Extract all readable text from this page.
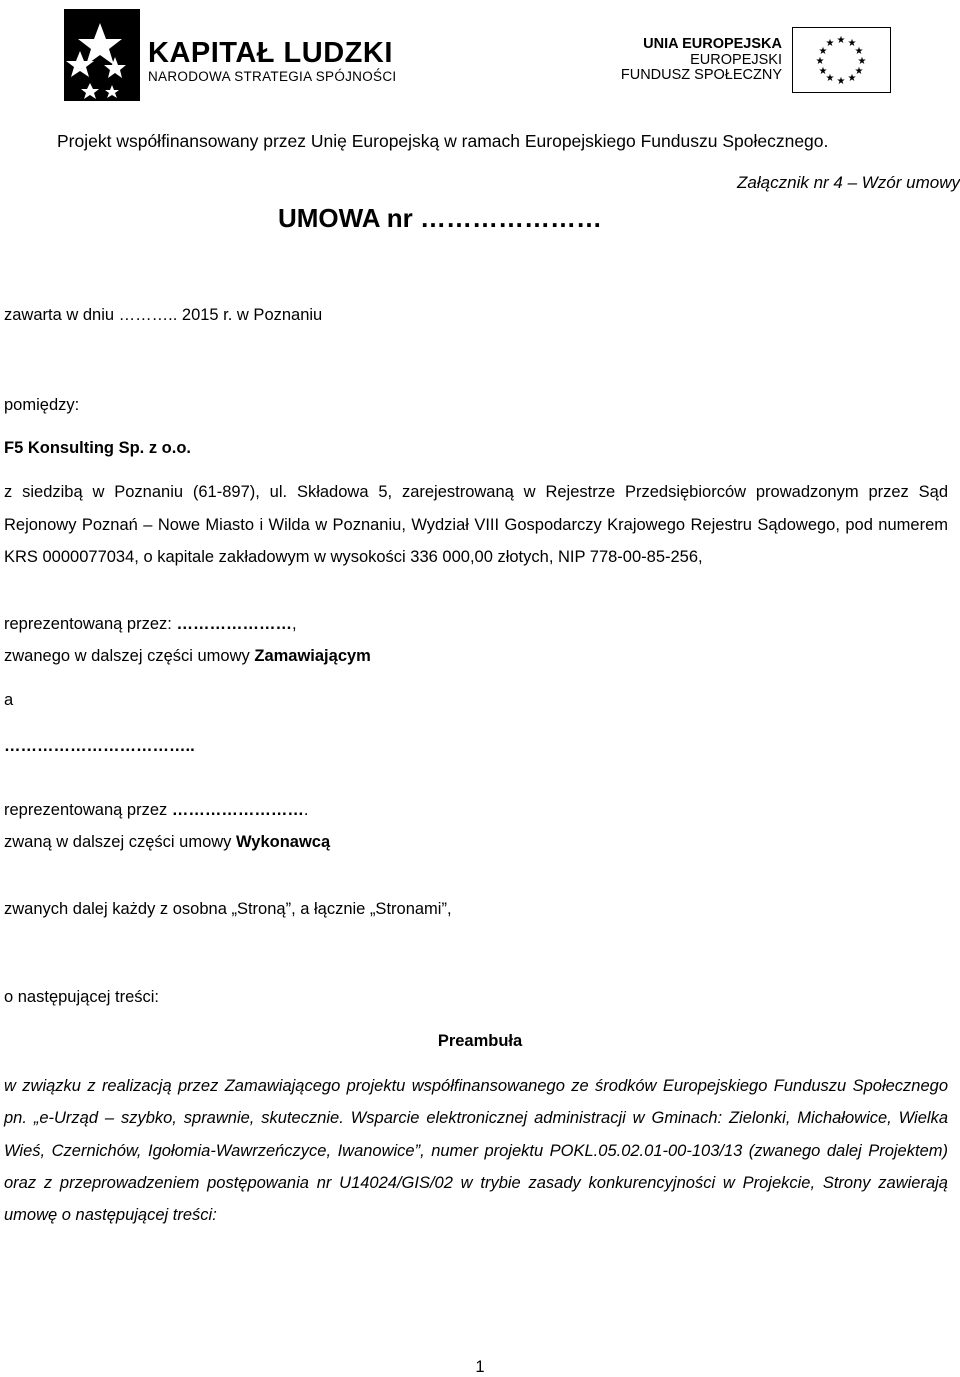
KAPITAŁ LUDZKI
NARODOWA STRATEGIA SPÓJNOŚCI
UNIA EUROPEJSKA
EUROPEJSKI
FUNDUSZ SPOŁECZNY
★ ★
★
★
★
★
★
★
★
★
★
★
Projekt współfinansowany przez Unię Europejską w ramach Europejskiego Funduszu Społecznego.
Załącznik nr 4 – Wzór umowy
UMOWA nr …………………
zawarta w dniu ……….. 2015 r. w Poznaniu
pomiędzy:
F5 Konsulting Sp. z o.o.
z siedzibą w Poznaniu (61-897), ul. Składowa 5, zarejestrowaną w Rejestrze Przedsiębiorców prowadzonym przez Sąd Rejonowy Poznań – Nowe Miasto i Wilda w Poznaniu, Wydział VIII Gospodarczy Krajowego Rejestru Sądowego, pod numerem KRS 0000077034, o kapitale zakładowym w wysokości 336 000,00 złotych, NIP 778-00-85-256,
reprezentowaną przez: …………………,
zwanego w dalszej części umowy Zamawiającym
a
……………………………..
reprezentowaną przez …………………….
zwaną w dalszej części umowy Wykonawcą
zwanych dalej każdy z osobna „Stroną”, a łącznie „Stronami”,
o następującej treści:
Preambuła
w związku z realizacją przez Zamawiającego projektu współfinansowanego ze środków Europejskiego Funduszu Społecznego pn. „e-Urząd – szybko, sprawnie, skutecznie. Wsparcie elektronicznej administracji w Gminach: Zielonki, Michałowice, Wielka Wieś, Czernichów, Igołomia-Wawrzeńczyce, Iwanowice”, numer projektu POKL.05.02.01-00-103/13 (zwanego dalej Projektem) oraz z przeprowadzeniem postępowania nr U14024/GIS/02 w trybie zasady konkurencyjności w Projekcie, Strony zawierają umowę o następującej treści:
1
